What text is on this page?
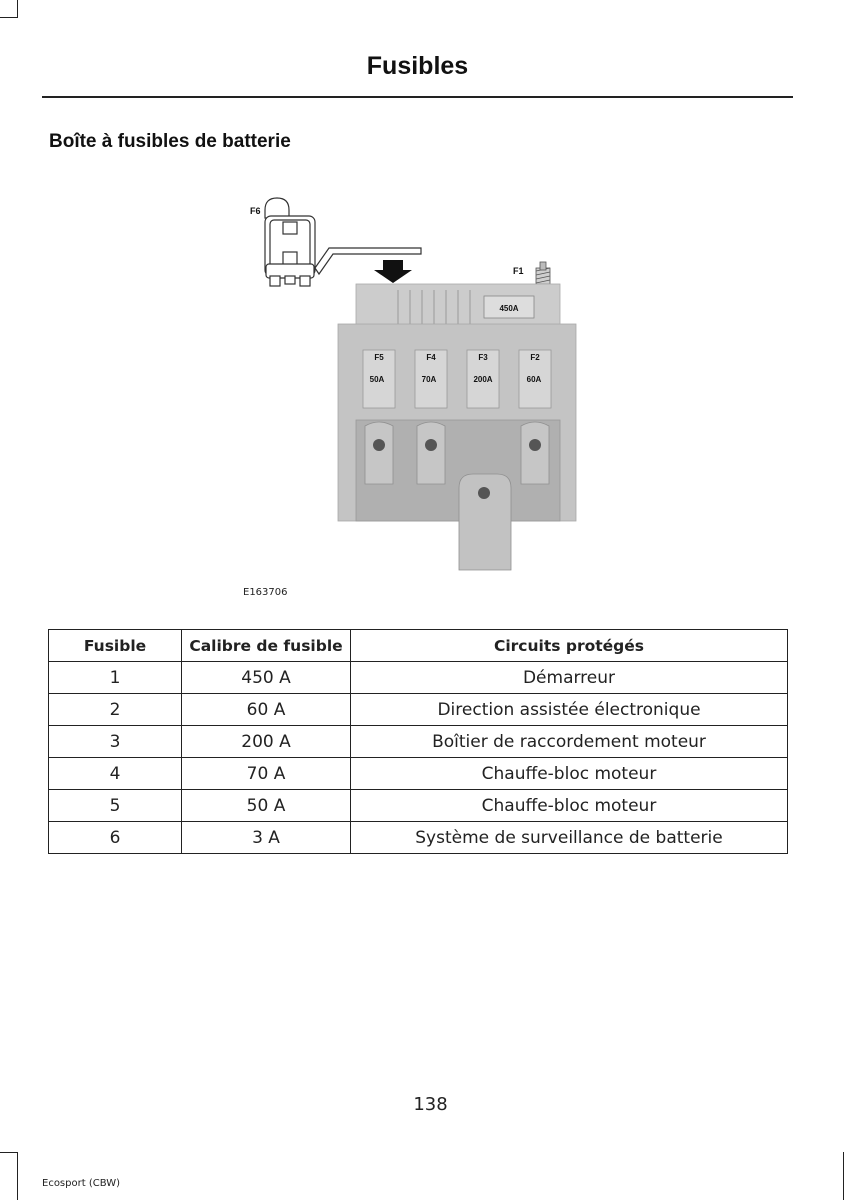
Fusibles
Boîte à fusibles de batterie
F6
F1
450A
F5
50A
F4
70A
F3
200A
F2
60A
E163706
Fusible	Calibre de fusible	Circuits protégés
1	450 A	Démarreur
2	60 A	Direction assistée électronique
3	200 A	Boîtier de raccordement moteur
4	70 A	Chauffe-bloc moteur
5	50 A	Chauffe-bloc moteur
6	3 A	Système de surveillance de batterie
138
Ecosport (CBW)
